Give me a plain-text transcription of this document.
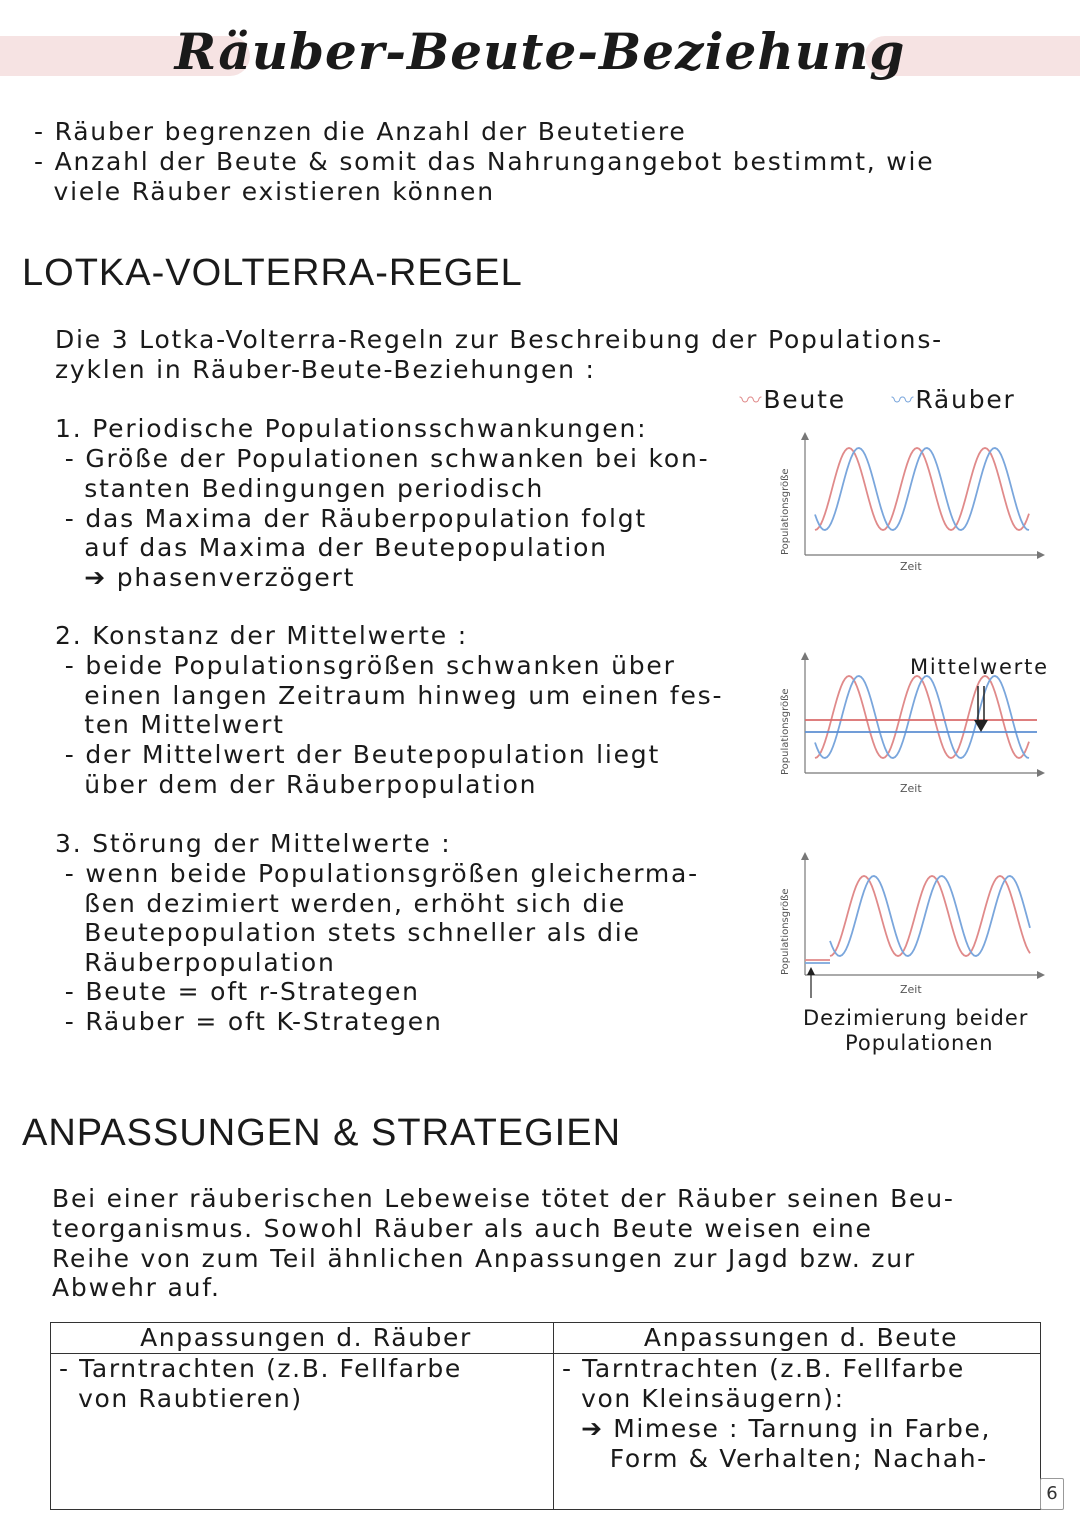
Räuber-Beute-Beziehung
- Räuber begrenzen die Anzahl der Beutetiere
- Anzahl der Beute & somit das Nahrungangebot bestimmt, wie
viele Räuber existieren können
LOTKA-VOLTERRA-REGEL
Die 3 Lotka-Volterra-Regeln zur Beschreibung der Populations-
zyklen in Räuber-Beute-Beziehungen :

〰Beute	〰Räuber

1. Periodische Populationsschwankungen:
- Größe der Populationen schwanken bei kon-
stanten Bedingungen periodisch
- das Maxima der Räuberpopulation folgt
auf das Maxima der Beutepopulation
➔ phasenverzögert
2. Konstanz der Mittelwerte :
- beide Populationsgrößen schwanken über
einen langen Zeitraum hinweg um einen fes-
ten Mittelwert
- der Mittelwert der Beutepopulation liegt
über dem der Räuberpopulation
3. Störung der Mittelwerte :
- wenn beide Populationsgrößen gleicherma-
ßen dezimiert werden, erhöht sich die
Beutepopulation stets schneller als die
Räuberpopulation
- Beute = oft r-Strategen
- Räuber = oft K-Strategen
Populationsgröße
Zeit
Mittelwerte
Populationsgröße
Zeit
Populationsgröße
Zeit
Dezimierung beider
Populationen
ANPASSUNGEN & STRATEGIEN
Bei einer räuberischen Lebeweise tötet der Räuber seinen Beu-
teorganismus. Sowohl Räuber als auch Beute weisen eine
Reihe von zum Teil ähnlichen Anpassungen zur Jagd bzw. zur
Abwehr auf.
Anpassungen d. Räuber	Anpassungen d. Beute
- Tarntrachten (z.B. Fellfarbe
von Raubtieren)	- Tarntrachten (z.B. Fellfarbe
von Kleinsäugern):
➔ Mimese : Tarnung in Farbe,
Form & Verhalten; Nachah-
6
